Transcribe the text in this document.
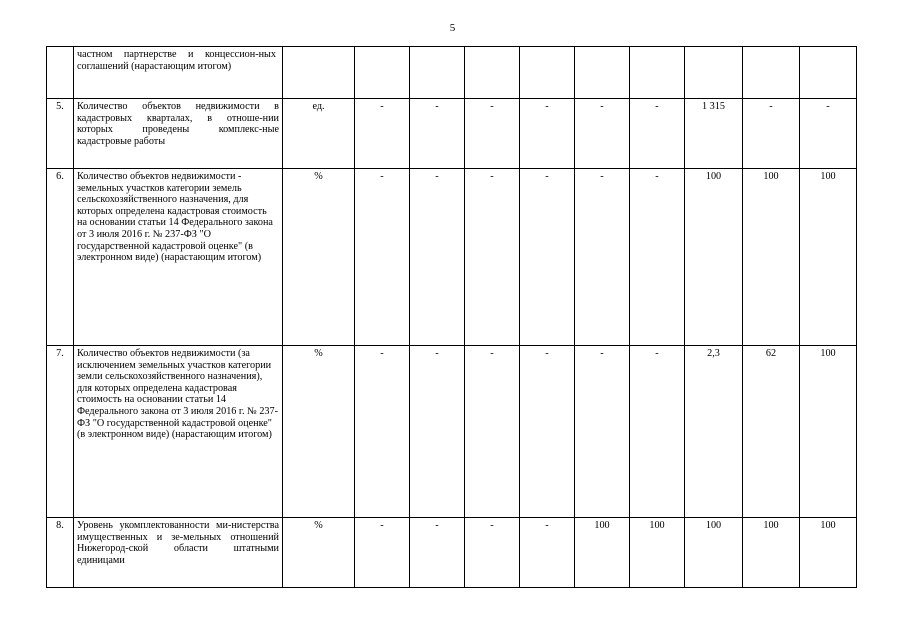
5
	частном партнерстве и концессион-ных соглашений (нарастающим итогом)										
5.	Количество объектов недвижимости в кадастровых кварталах, в отноше-нии которых проведены комплекс-ные кадастровые работы	ед.	-	-	-	-	-	-	1 315	-	-
6.	Количество объектов недвижимости - земельных участков категории земель сельскохозяйственного назначения, для которых определена кадастровая стоимость на основании статьи 14 Федерального закона от 3 июля 2016 г. № 237-ФЗ "О государственной кадастровой оценке" (в электронном виде) (нарастающим итогом)	%	-	-	-	-	-	-	100	100	100
7.	Количество объектов недвижимости (за исключением земельных участков категории земли сельскохозяйственного назначения), для которых определена кадастровая стоимость на основании статьи 14 Федерального закона от 3 июля 2016 г. № 237-ФЗ "О государственной кадастровой оценке" (в электронном виде) (нарастающим итогом)	%	-	-	-	-	-	-	2,3	62	100
8.	Уровень укомплектованности ми-нистерства имущественных и зе-мельных отношений Нижегород-ской области штатными единицами	%	-	-	-	-	100	100	100	100	100
